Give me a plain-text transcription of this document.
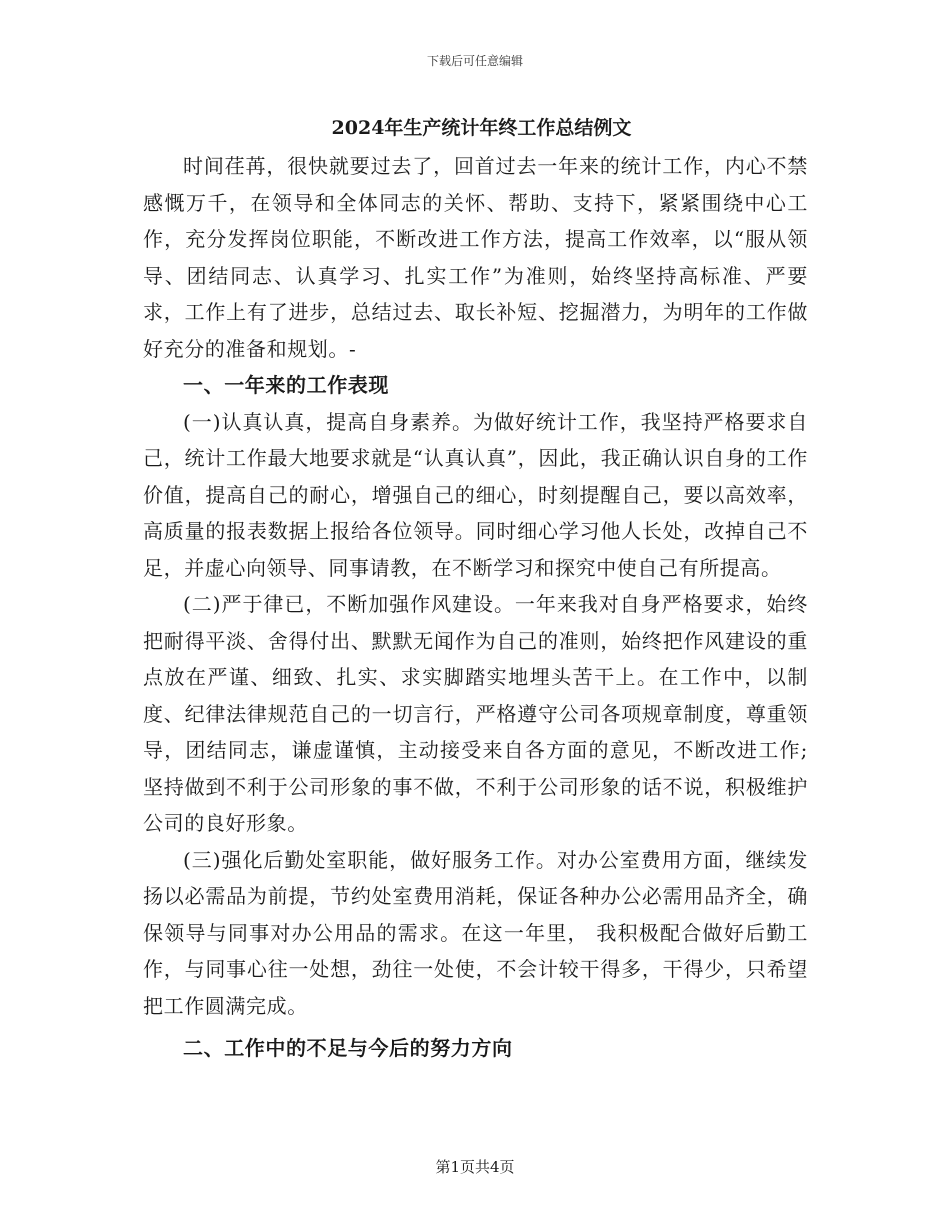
下载后可任意编辑
2024年生产统计年终工作总结例文

时间荏苒，很快就要过去了，回首过去一年来的统计工作，内心不禁感慨万千，在领导和全体同志的关怀、帮助、支持下，紧紧围绕中心工作，充分发挥岗位职能，不断改进工作方法，提高工作效率，以“服从领导、团结同志、认真学习、扎实工作”为准则，始终坚持高标准、严要求，工作上有了进步，总结过去、取长补短、挖掘潜力，为明年的工作做好充分的准备和规划。-

一、一年来的工作表现

(一)认真认真，提高自身素养。为做好统计工作，我坚持严格要求自己，统计工作最大地要求就是“认真认真”，因此，我正确认识自身的工作价值，提高自己的耐心，增强自己的细心，时刻提醒自己，要以高效率，高质量的报表数据上报给各位领导。同时细心学习他人长处，改掉自己不足，并虚心向领导、同事请教，在不断学习和探究中使自己有所提高。

(二)严于律已，不断加强作风建设。一年来我对自身严格要求，始终把耐得平淡、舍得付出、默默无闻作为自己的准则，始终把作风建设的重点放在严谨、细致、扎实、求实脚踏实地埋头苦干上。在工作中，以制度、纪律法律规范自己的一切言行，严格遵守公司各项规章制度，尊重领导，团结同志，谦虚谨慎，主动接受来自各方面的意见，不断改进工作;坚持做到不利于公司形象的事不做，不利于公司形象的话不说，积极维护公司的良好形象。

(三)强化后勤处室职能，做好服务工作。对办公室费用方面，继续发扬以必需品为前提，节约处室费用消耗，保证各种办公必需用品齐全，确保领导与同事对办公用品的需求。在这一年里， 我积极配合做好后勤工作，与同事心往一处想，劲往一处使，不会计较干得多，干得少，只希望把工作圆满完成。

二、工作中的不足与今后的努力方向

第1页共4页
